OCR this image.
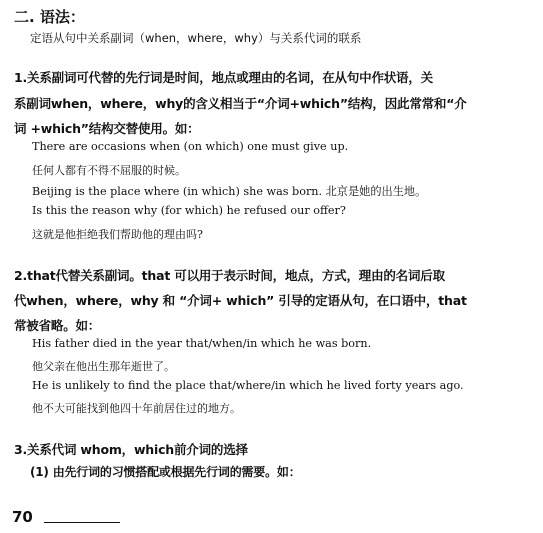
二. 语法：
定语从句中关系副词（when，where，why）与关系代词的联系
1.关系副词可代替的先行词是时间，地点或理由的名词，在从句中作状语，关
系副词when，where，why的含义相当于“介词+which”结构，因此常常和“介
词 +which”结构交替使用。如：
There are occasions when (on which) one must give up.
任何人都有不得不屈服的时候。
Beijing is the place where (in which) she was born. 北京是她的出生地。
Is this the reason why (for which) he refused our offer?
这就是他拒绝我们帮助他的理由吗?
2.that代替关系副词。that 可以用于表示时间，地点，方式，理由的名词后取
代when，where，why 和 “介词+ which” 引导的定语从句，在口语中，that
常被省略。如：
His father died in the year that/when/in which he was born.
他父亲在他出生那年逝世了。
He is unlikely to find the place that/where/in which he lived forty years ago.
他不大可能找到他四十年前居住过的地方。
3.关系代词 whom，which前介词的选择
(1) 由先行词的习惯搭配或根据先行词的需要。如：
70
